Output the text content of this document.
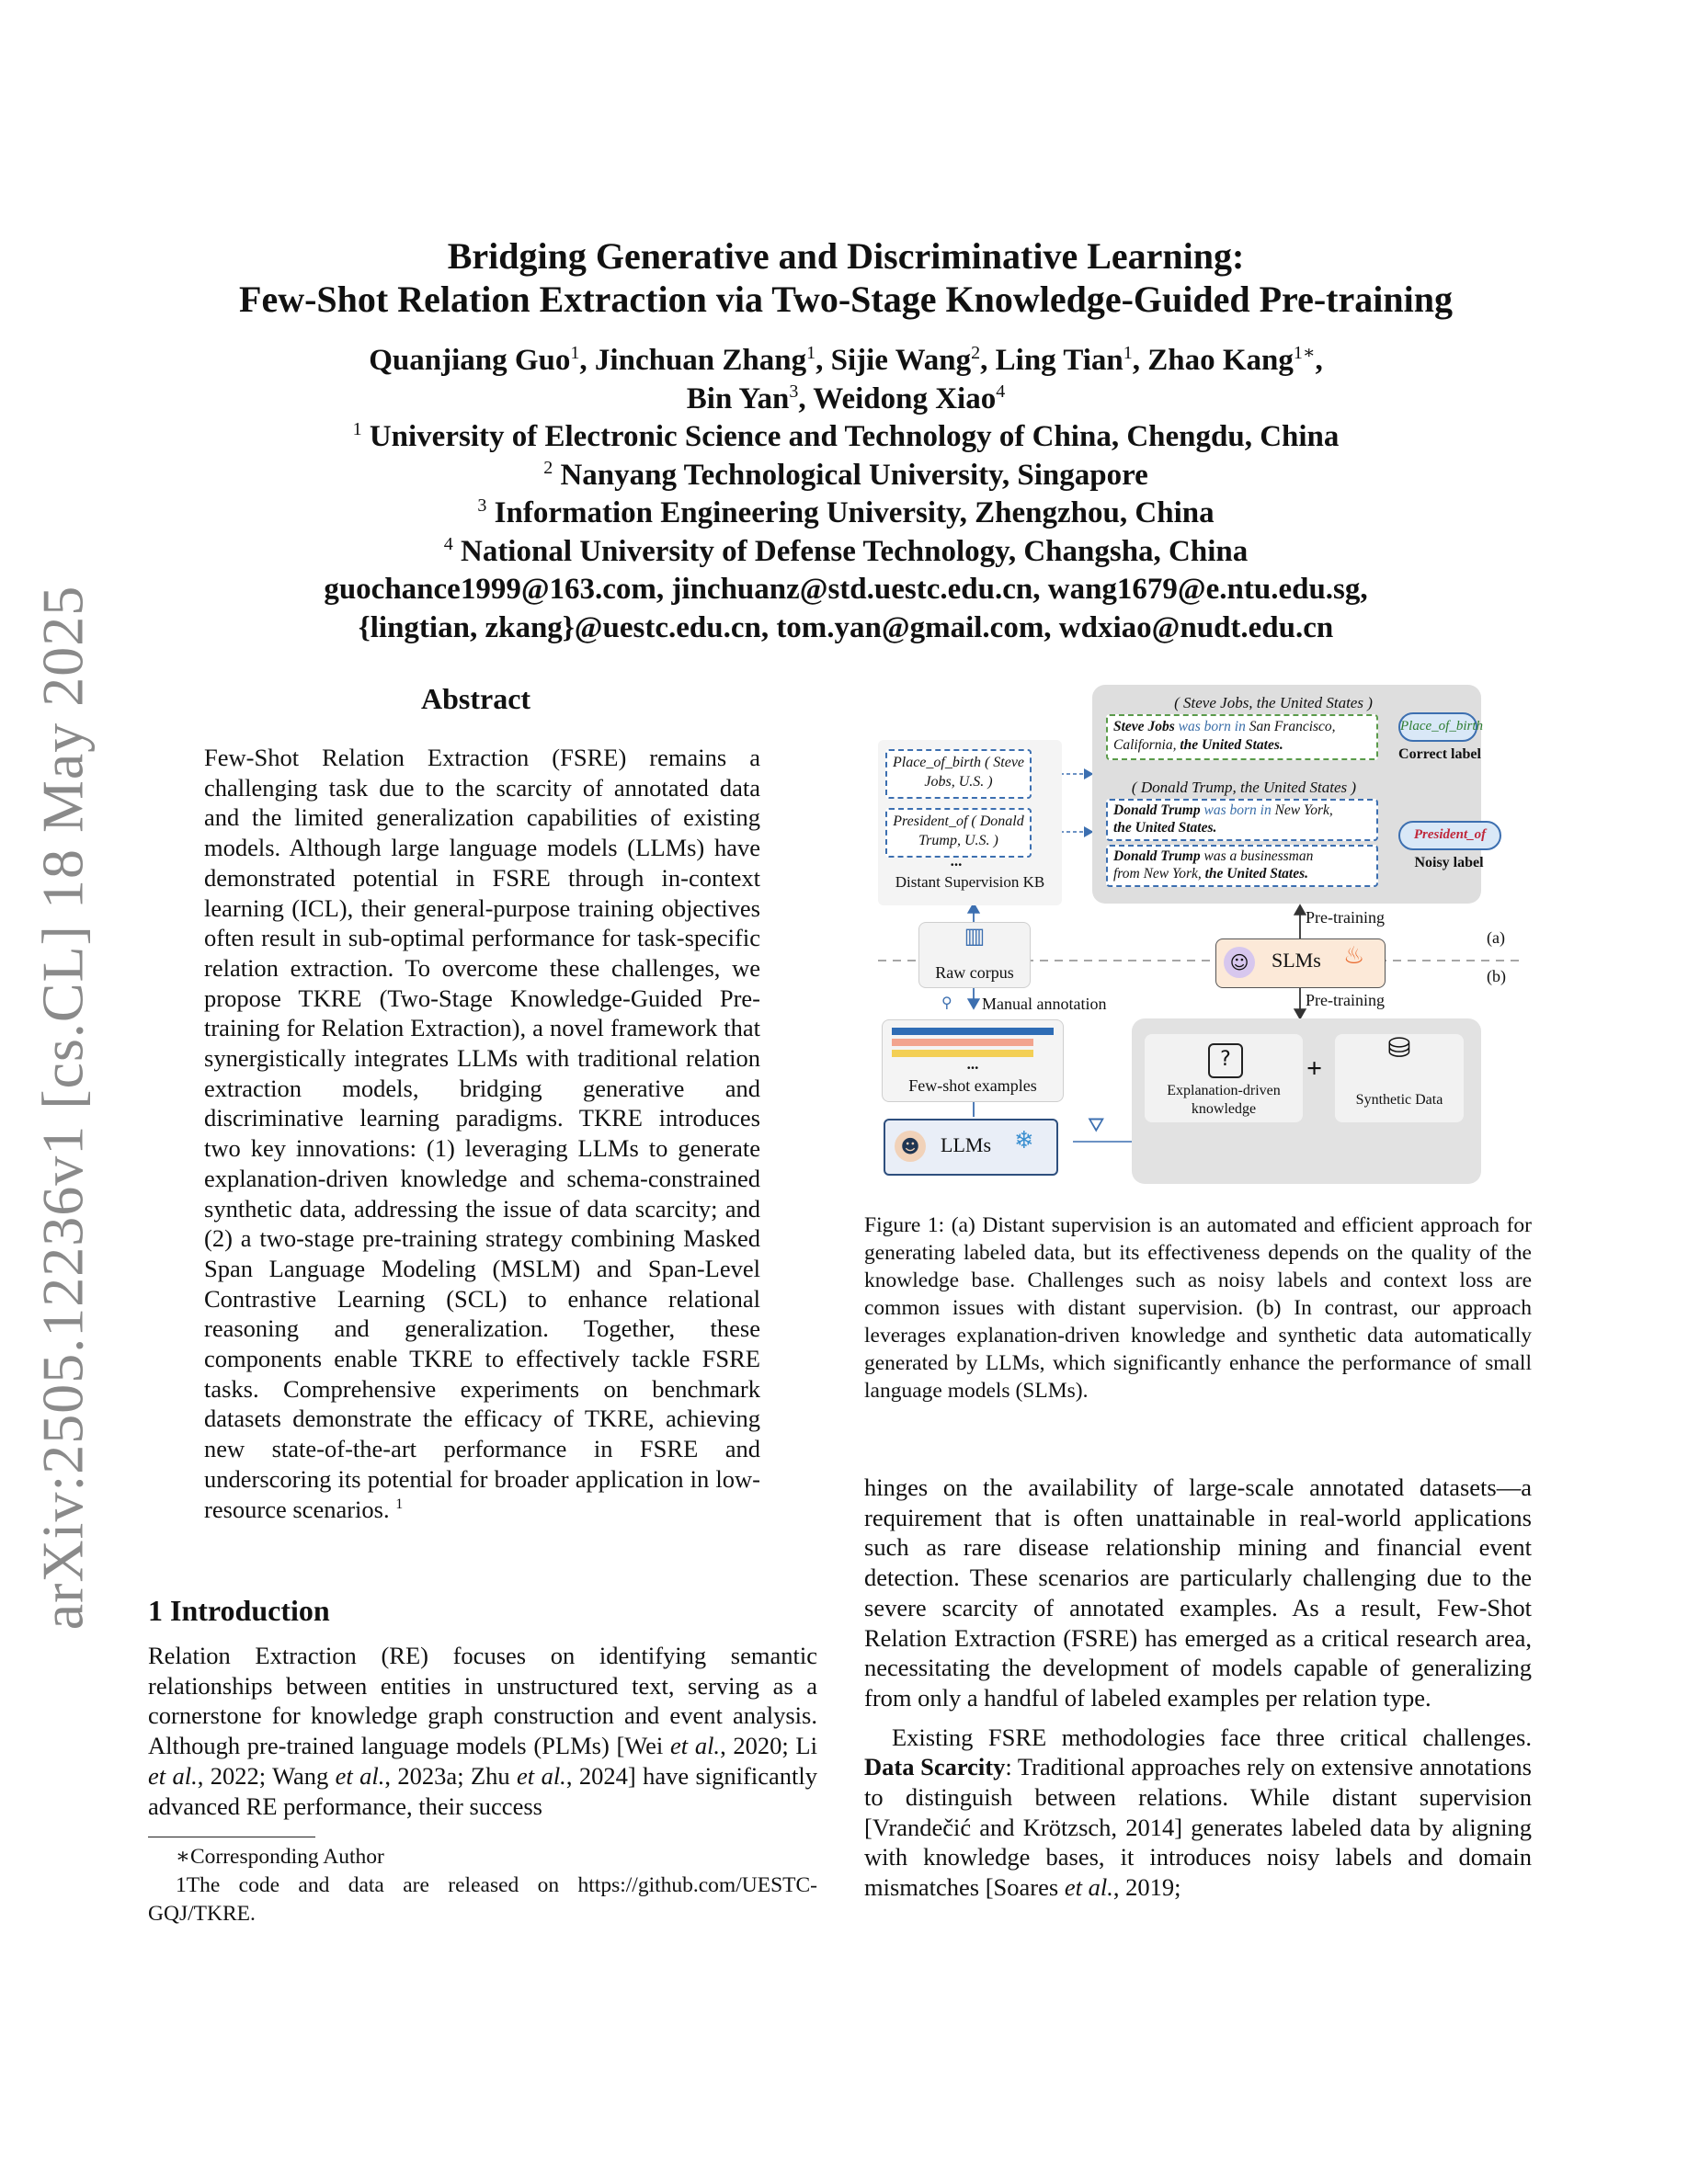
arXiv:2505.12236v1 [cs.CL] 18 May 2025
Bridging Generative and Discriminative Learning:
Few-Shot Relation Extraction via Two-Stage Knowledge-Guided Pre-training
Quanjiang Guo$^1$, Jinchuan Zhang$^1$, Sijie Wang$^2$, Ling Tian$^1$, Zhao Kang$^{1∗}$,
Bin Yan$^3$, Weidong Xiao$^4$
$^1$ University of Electronic Science and Technology of China, Chengdu, China
$^2$ Nanyang Technological University, Singapore
$^3$ Information Engineering University, Zhengzhou, China
$^4$ National University of Defense Technology, Changsha, China
guochance1999@163.com, jinchuanz@std.uestc.edu.cn, wang1679@e.ntu.edu.sg,
{lingtian, zkang}@uestc.edu.cn, tom.yan@gmail.com, wdxiao@nudt.edu.cn
Abstract

Few-Shot Relation Extraction (FSRE) remains a challenging task due to the scarcity of annotated data and the limited generalization capabilities of existing models. Although large language models (LLMs) have demonstrated potential in FSRE through in-context learning (ICL), their general-purpose training objectives often result in sub-optimal performance for task-specific relation extraction. To overcome these challenges, we propose TKRE (Two-Stage Knowledge-Guided Pre-training for Relation Extraction), a novel framework that synergistically integrates LLMs with traditional relation extraction models, bridging generative and discriminative learning paradigms. TKRE introduces two key innovations: (1) leveraging LLMs to generate explanation-driven knowledge and schema-constrained synthetic data, addressing the issue of data scarcity; and (2) a two-stage pre-training strategy combining Masked Span Language Modeling (MSLM) and Span-Level Contrastive Learning (SCL) to enhance relational reasoning and generalization. Together, these components enable TKRE to effectively tackle FSRE tasks. Comprehensive experiments on benchmark datasets demonstrate the efficacy of TKRE, achieving new state-of-the-art performance in FSRE and underscoring its potential for broader application in low-resource scenarios. $^1$

1 Introduction

Relation Extraction (RE) focuses on identifying semantic relationships between entities in unstructured text, serving as a cornerstone for knowledge graph construction and event analysis. Although pre-trained language models (PLMs) [Wei et al., 2020; Li et al., 2022; Wang et al., 2023a; Zhu et al., 2024] have significantly advanced RE performance, their success

∗Corresponding Author
1The code and data are released on https://github.com/UESTC-GQJ/TKRE.
( Steve Jobs, the United States )
Steve Jobs was born in San Francisco,
California, the United States.
Place_of_birth
Correct label
( Donald Trump, the United States )
Donald Trump was born in New York,
the United States.
Donald Trump was a businessman
from New York, the United States.
President_of
Noisy label
Place_of_birth ( Steve
Jobs, U.S. )
President_of ( Donald
Trump, U.S. )
...
Distant Supervision KB
▥
Raw corpus
Pre-training
☺ SLMs ♨
(a)
(b)
Pre-training
⚲ Manual annotation
...
Few-shot examples
☻ LLMs ❄
⛛
?
Explanation-driven
knowledge
+
⛁
Synthetic Data

Figure 1: (a) Distant supervision is an automated and efficient approach for generating labeled data, but its effectiveness depends on the quality of the knowledge base. Challenges such as noisy labels and context loss are common issues with distant supervision. (b) In contrast, our approach leverages explanation-driven knowledge and synthetic data automatically generated by LLMs, which significantly enhance the performance of small language models (SLMs).

hinges on the availability of large-scale annotated datasets—a requirement that is often unattainable in real-world applications such as rare disease relationship mining and financial event detection. These scenarios are particularly challenging due to the severe scarcity of annotated examples. As a result, Few-Shot Relation Extraction (FSRE) has emerged as a critical research area, necessitating the development of models capable of generalizing from only a handful of labeled examples per relation type.

Existing FSRE methodologies face three critical challenges. Data Scarcity: Traditional approaches rely on extensive annotations to distinguish between relations. While distant supervision [Vrandečić and Krötzsch, 2014] generates labeled data by aligning with knowledge bases, it introduces noisy labels and domain mismatches [Soares et al., 2019;
